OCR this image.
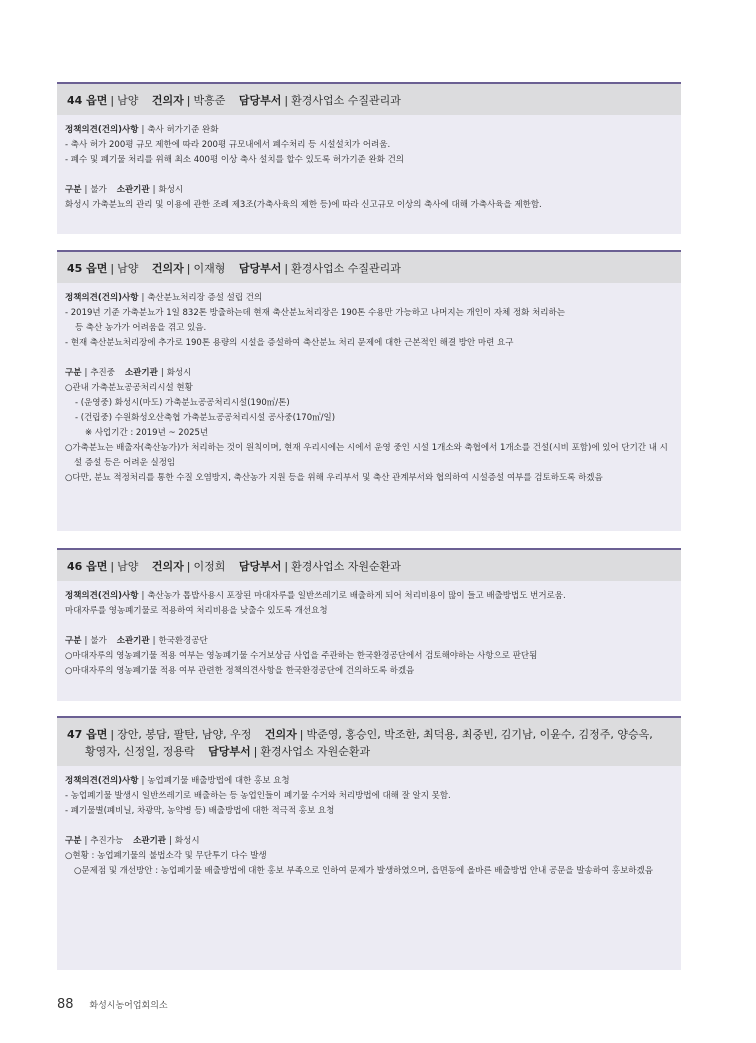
44 읍면 | 남양 건의자 | 박흥준 담당부서 | 환경사업소 수질관리과
정책의견(건의)사항 | 축사 허가기준 완화
- 축사 허가 200평 규모 제한에 따라 200평 규모내에서 폐수처리 등 시설설치가 어려움.
- 폐수 및 폐기물 처리를 위해 최소 400평 이상 축사 설치를 할수 있도록 허가기준 완화 건의
구분 | 불가 소관기관 | 화성시
화성시 가축분뇨의 관리 및 이용에 관한 조례 제3조(가축사육의 제한 등)에 따라 신고규모 이상의 축사에 대해 가축사육을 제한함.
45 읍면 | 남양 건의자 | 이재형 담당부서 | 환경사업소 수질관리과
정책의견(건의)사항 | 축산분뇨처리장 증설 설립 건의
- 2019년 기준 가축분뇨가 1일 832톤 방출하는데 현재 축산분뇨처리장은 190톤 수용만 가능하고 나머지는 개인이 자체 정화 처리하는
등 축산 농가가 어려움을 겪고 있음.
- 현재 축산분뇨처리장에 추가로 190톤 용량의 시설을 증설하여 축산분뇨 처리 문제에 대한 근본적인 해결 방안 마련 요구
구분 | 추진중 소관기관 | 화성시
○관내 가축분뇨공공처리시설 현황
- (운영중) 화성시(마도) 가축분뇨공공처리시설(190㎥/톤)
- (건립중) 수원화성오산축협 가축분뇨공공처리시설 공사중(170㎥/일)
※ 사업기간 : 2019년 ~ 2025년
○가축분뇨는 배출자(축산농가)가 처리하는 것이 원칙이며, 현재 우리시에는 시에서 운영 중인 시설 1개소와 축협에서 1개소를 건설(시비 포함)에 있어 단기간 내 시설 증설 등은 어려운 실정임
○다만, 분뇨 적정처리를 통한 수질 오염방지, 축산농가 지원 등을 위해 우리부서 및 축산 관계부서와 협의하여 시설증설 여부를 검토하도록 하겠음
46 읍면 | 남양 건의자 | 이정희 담당부서 | 환경사업소 자원순환과
정책의견(건의)사항 | 축산농가 톱밥사용시 포장된 마대자루를 일반쓰레기로 배출하게 되어 처리비용이 많이 들고 배출방법도 번거로움.
마대자루를 영농폐기물로 적용하여 처리비용을 낮출수 있도록 개선요청
구분 | 불가 소관기관 | 한국환경공단
○마대자루의 영농폐기물 적용 여부는 영농폐기물 수거보상금 사업을 주관하는 한국환경공단에서 검토해야하는 사항으로 판단됨
○마대자루의 영농폐기물 적용 여부 관련한 정책의견사항을 한국환경공단에 건의하도록 하겠음
47 읍면 | 장안, 봉담, 팔탄, 남양, 우정 건의자 | 박준영, 홍승인, 박조한, 최덕용, 최중빈, 김기남, 이윤수, 김정주, 양승옥,
황영자, 신정일, 정용락 담당부서 | 환경사업소 자원순환과
정책의견(건의)사항 | 농업폐기물 배출방법에 대한 홍보 요청
- 농업폐기물 발생시 일반쓰레기로 배출하는 등 농업인들이 폐기물 수거와 처리방법에 대해 잘 알지 못함.
- 폐기물별(폐비닐, 차광막, 농약병 등) 배출방법에 대한 적극적 홍보 요청
구분 | 추진가능 소관기관 | 화성시
○현황 : 농업폐기물의 불법소각 및 무단투기 다수 발생
○문제점 및 개선방안 : 농업폐기물 배출방법에 대한 홍보 부족으로 인하여 문제가 발생하였으며, 읍면동에 올바른 배출방법 안내 공문을 발송하여 홍보하겠음
88 화성시농어업회의소
